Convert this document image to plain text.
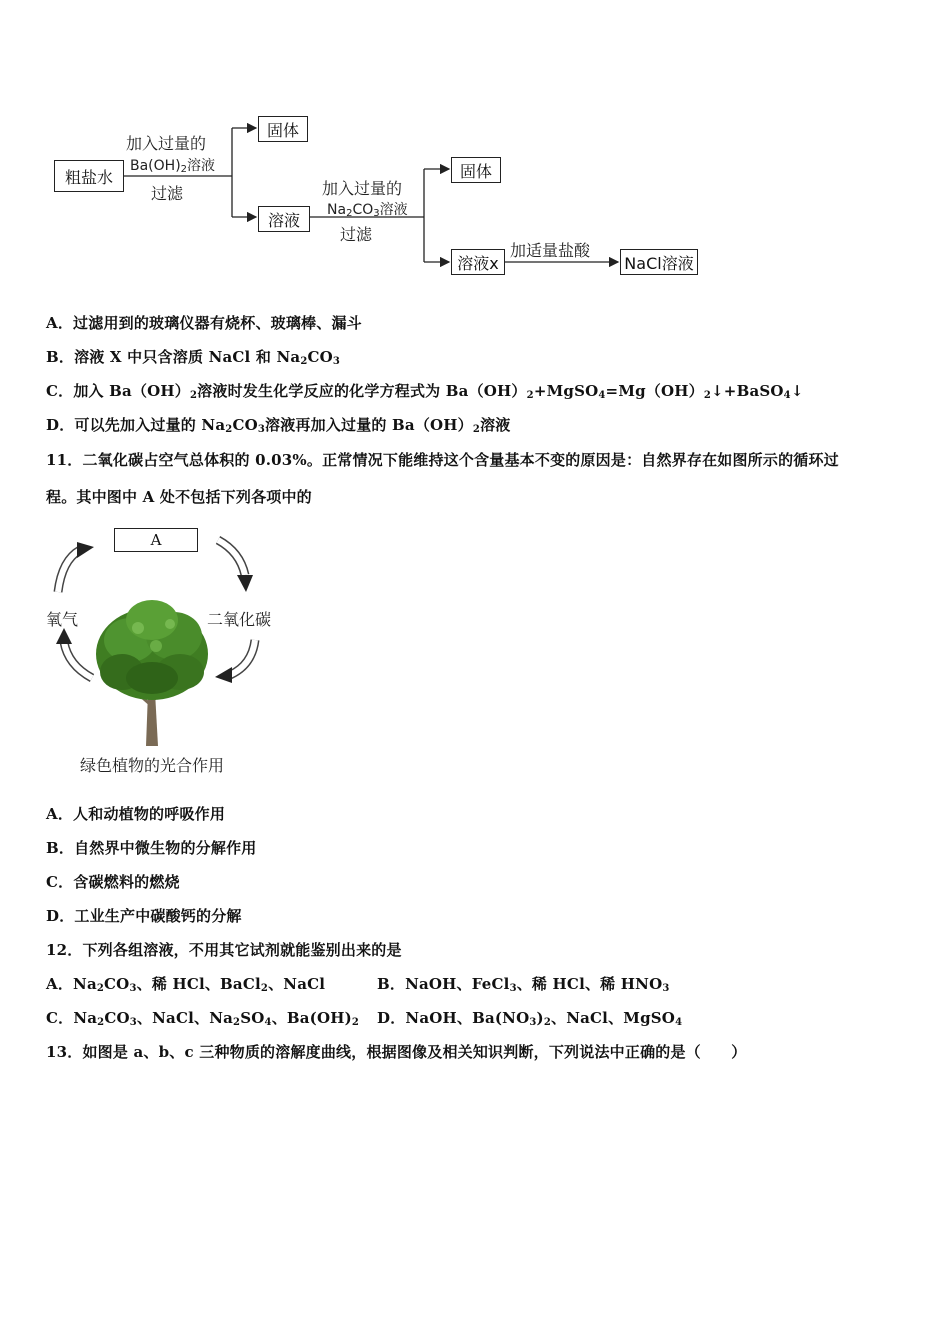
粗盐水
固体
溶液
固体
溶液x	NaCl溶液
加入过量的
$Ba(OH)_2$溶液
过滤	加入过量的
$Na_2CO_3$溶液
过滤
加适量盐酸
A．过滤用到的玻璃仪器有烧杯、玻璃棒、漏斗
B．溶液 X 中只含溶质 NaCl 和 $Na_2CO_3$
C．加入 $Ba(OH)_2$溶液时发生化学反应的化学方程式为 $Ba(OH)_2+MgSO_4=Mg(OH)_2↓+BaSO_4↓$
D．可以先加入过量的 $Na_2CO_3$溶液再加入过量的 $Ba(OH)_2$溶液
11．二氧化碳占空气总体积的 0.03%。正常情况下能维持这个含量基本不变的原因是：自然界存在如图所示的循环过
程。其中图中 A 处不包括下列各项中的
A
氧气	二氧化碳
绿色植物的光合作用
A．人和动植物的呼吸作用
B．自然界中微生物的分解作用
C．含碳燃料的燃烧
D．工业生产中碳酸钙的分解
12．下列各组溶液，不用其它试剂就能鉴别出来的是
A．$Na_2CO_3$、稀 HCl、BaCl$_2$、NaCl	B．NaOH、FeCl$_3$、稀 HCl、稀 $HNO_3$
C．$Na_2CO_3$、NaCl、$Na_2SO_4$、$Ba(OH)_2$ D．NaOH、$Ba(NO_3)_2$、NaCl、MgSO$_4$
13．如图是 a、b、c 三种物质的溶解度曲线，根据图像及相关知识判断，下列说法中正确的是（　　）
